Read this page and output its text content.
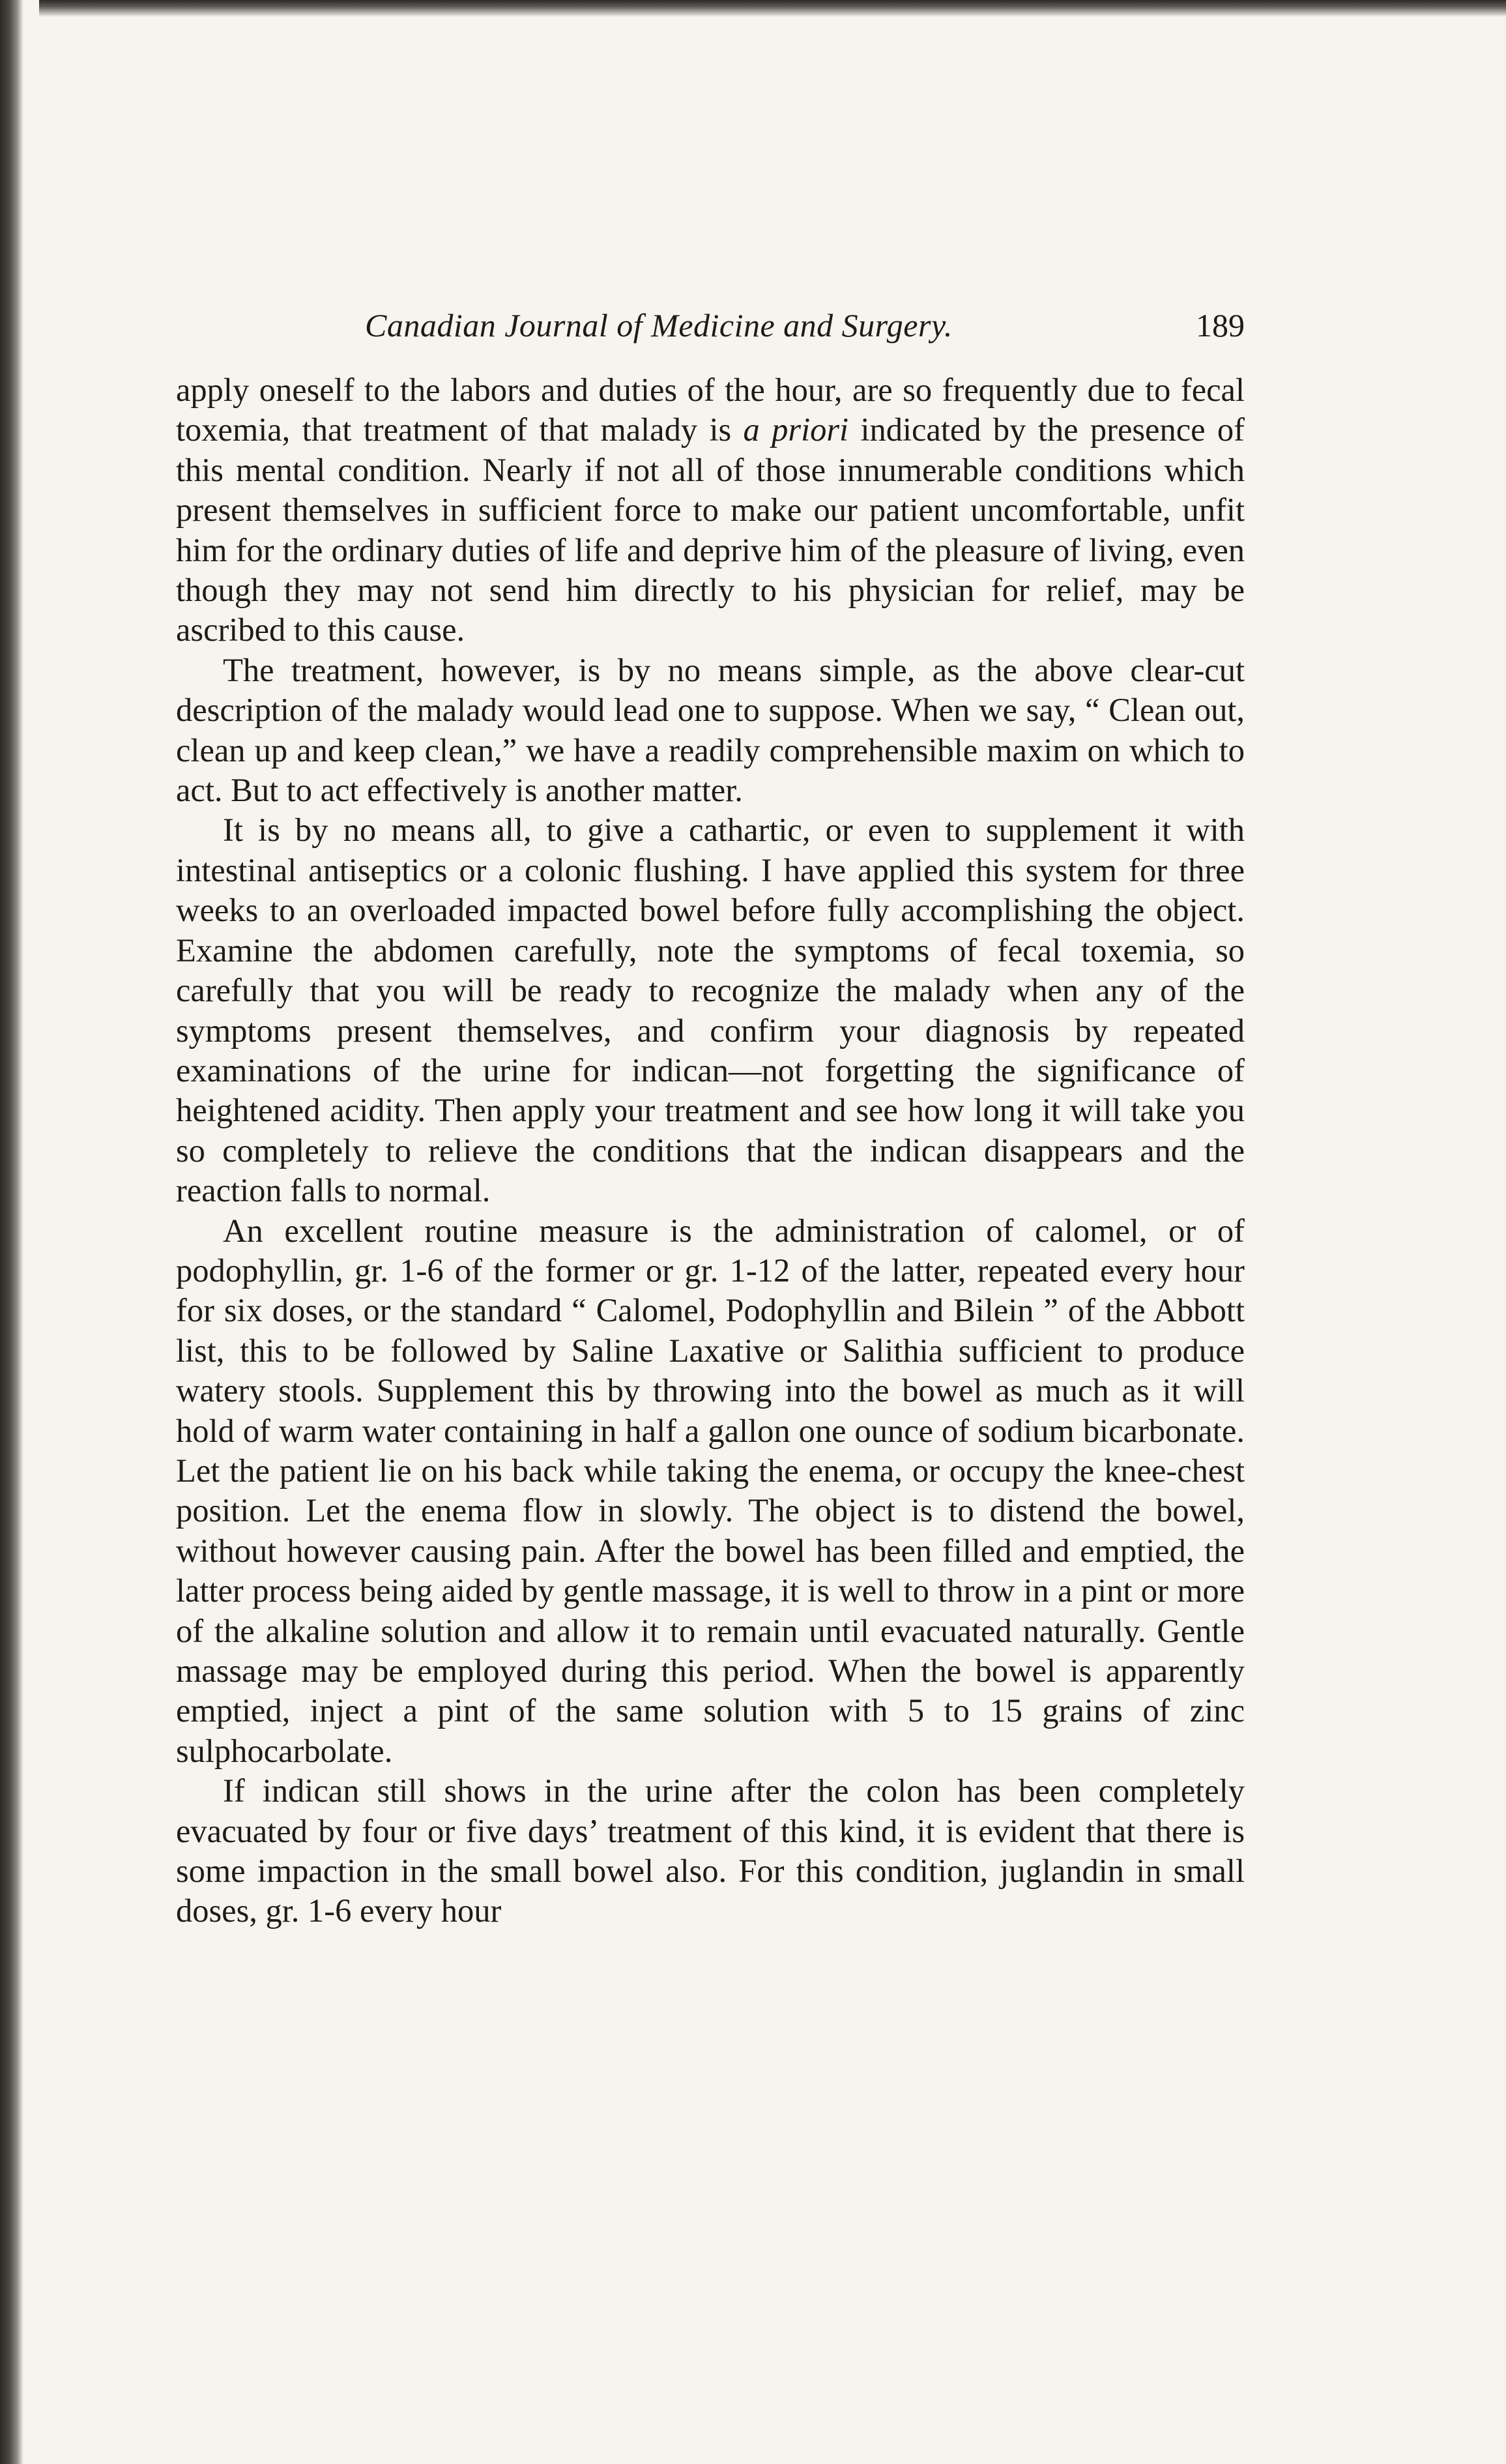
Canadian Journal of Medicine and Surgery.	189

apply oneself to the labors and duties of the hour, are so frequently due to fecal toxemia, that treatment of that malady is a priori indicated by the presence of this mental condition. Nearly if not all of those innumerable conditions which present themselves in sufficient force to make our patient uncomfortable, unfit him for the ordinary duties of life and deprive him of the pleasure of living, even though they may not send him directly to his physician for relief, may be ascribed to this cause.

The treatment, however, is by no means simple, as the above clear-cut description of the malady would lead one to suppose. When we say, “ Clean out, clean up and keep clean,” we have a readily comprehensible maxim on which to act. But to act effectively is another matter.

It is by no means all, to give a cathartic, or even to supplement it with intestinal antiseptics or a colonic flushing. I have applied this system for three weeks to an overloaded impacted bowel before fully accomplishing the object. Examine the abdomen carefully, note the symptoms of fecal toxemia, so carefully that you will be ready to recognize the malady when any of the symptoms present themselves, and confirm your diagnosis by repeated examinations of the urine for indican—not forgetting the significance of heightened acidity. Then apply your treatment and see how long it will take you so completely to relieve the conditions that the indican disappears and the reaction falls to normal.

An excellent routine measure is the administration of calomel, or of podophyllin, gr. 1-6 of the former or gr. 1-12 of the latter, repeated every hour for six doses, or the standard “ Calomel, Podophyllin and Bilein ” of the Abbott list, this to be followed by Saline Laxative or Salithia sufficient to produce watery stools. Supplement this by throwing into the bowel as much as it will hold of warm water containing in half a gallon one ounce of sodium bicarbonate. Let the patient lie on his back while taking the enema, or occupy the knee-chest position. Let the enema flow in slowly. The object is to distend the bowel, without however causing pain. After the bowel has been filled and emptied, the latter process being aided by gentle massage, it is well to throw in a pint or more of the alkaline solution and allow it to remain until evacuated naturally. Gentle massage may be employed during this period. When the bowel is apparently emptied, inject a pint of the same solution with 5 to 15 grains of zinc sulphocarbolate.

If indican still shows in the urine after the colon has been completely evacuated by four or five days’ treatment of this kind, it is evident that there is some impaction in the small bowel also. For this condition, juglandin in small doses, gr. 1-6 every hour
